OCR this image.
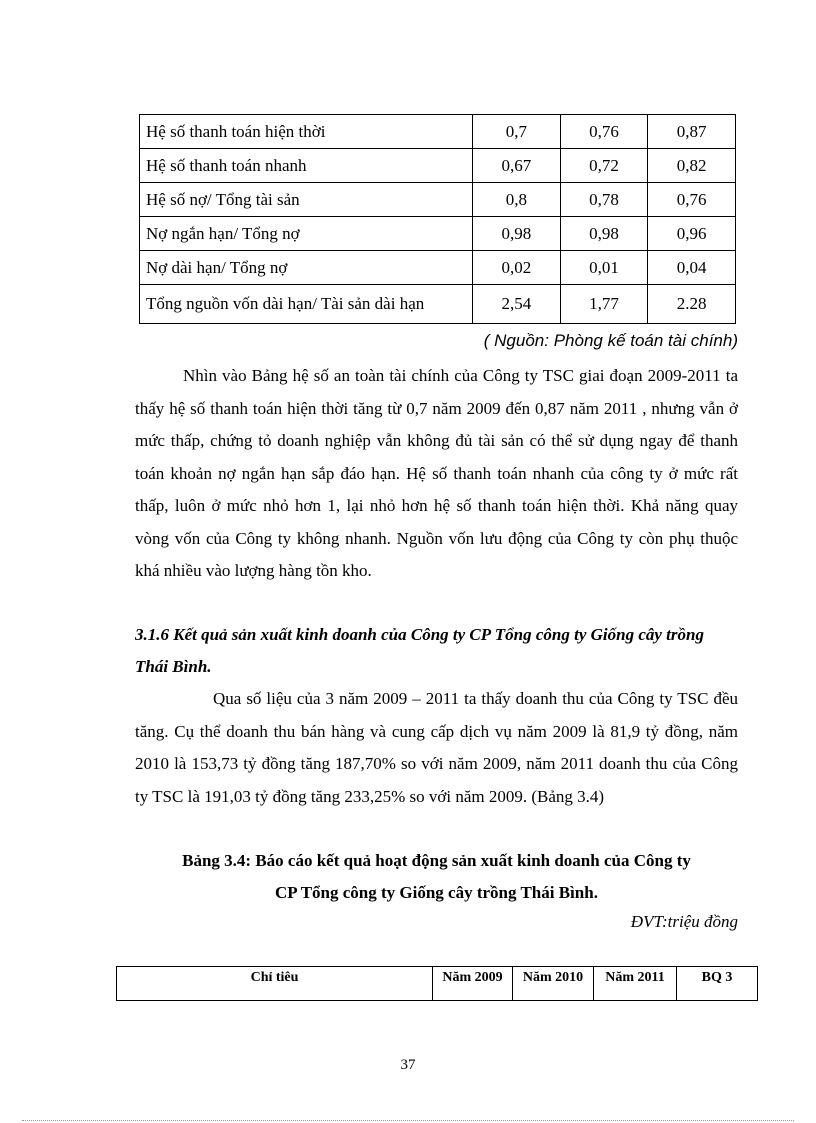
Hệ số thanh toán hiện thời	0,7	0,76	0,87
Hệ số thanh toán nhanh	0,67	0,72	0,82
Hệ số nợ/ Tổng tài sản	0,8	0,78	0,76
Nợ ngắn hạn/ Tổng nợ	0,98	0,98	0,96
Nợ dài hạn/ Tổng nợ	0,02	0,01	0,04
Tổng nguồn vốn dài hạn/ Tài sản dài hạn	2,54	1,77	2.28
( Nguồn: Phòng kế toán tài chính)

Nhìn vào Bảng hệ số an toàn tài chính của Công ty TSC giai đoạn 2009-2011 ta thấy hệ số thanh toán hiện thời tăng từ 0,7 năm 2009 đến 0,87 năm 2011 , nhưng vẫn ở mức thấp, chứng tỏ doanh nghiệp vẫn không đủ tài sản có thể sử dụng ngay để thanh toán khoản nợ ngắn hạn sắp đáo hạn. Hệ số thanh toán nhanh của công ty ở mức rất thấp, luôn ở mức nhỏ hơn 1, lại nhỏ hơn hệ số thanh toán hiện thời. Khả năng quay vòng vốn của Công ty không nhanh. Nguồn vốn lưu động của Công ty còn phụ thuộc khá nhiều vào lượng hàng tồn kho.

3.1.6 Kết quả sản xuất kinh doanh của Công ty CP Tổng công ty Giống cây trồng Thái Bình.

Qua số liệu của 3 năm 2009 – 2011 ta thấy doanh thu của Công ty TSC đều tăng. Cụ thể doanh thu bán hàng và cung cấp dịch vụ năm 2009 là 81,9 tỷ đồng, năm 2010 là 153,73 tỷ đồng tăng 187,70% so với năm 2009, năm 2011 doanh thu của Công ty TSC là 191,03 tỷ đồng tăng 233,25% so với năm 2009. (Bảng 3.4)

Bảng 3.4: Báo cáo kết quả hoạt động sản xuất kinh doanh của Công ty
CP Tổng công ty Giống cây trồng Thái Bình.
ĐVT:triệu đồng
Chỉ tiêu	Năm 2009	Năm 2010	Năm 2011	BQ 3
37
